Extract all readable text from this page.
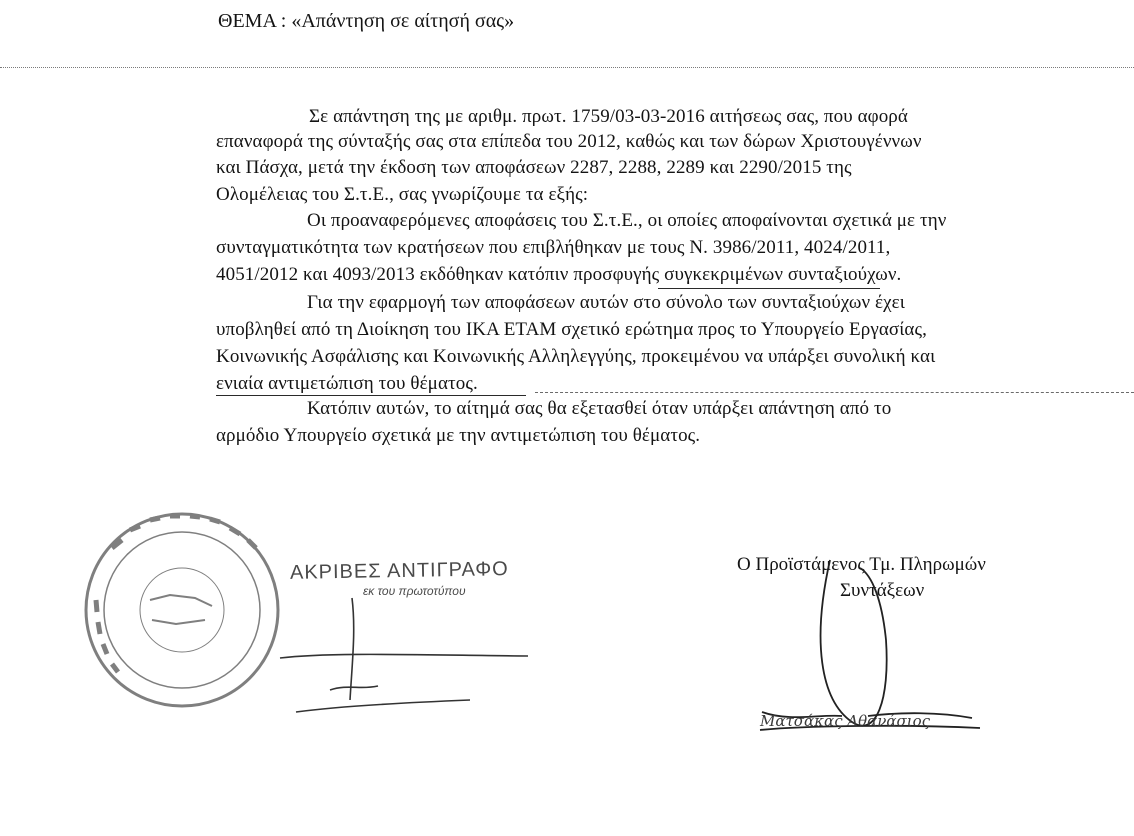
ΘΕΜΑ : «Απάντηση σε αίτησή σας»
Σε απάντηση της με αριθμ. πρωτ. 1759/03-03-2016 αιτήσεως σας, που αφορά
επαναφορά της σύνταξής σας στα επίπεδα του 2012, καθώς και των δώρων Χριστουγέννων
και Πάσχα, μετά την έκδοση των αποφάσεων 2287, 2288, 2289 και 2290/2015 της
Ολομέλειας του Σ.τ.Ε., σας γνωρίζουμε τα εξής:
Οι προαναφερόμενες αποφάσεις του Σ.τ.Ε., οι οποίες αποφαίνονται σχετικά με την
συνταγματικότητα των κρατήσεων που επιβλήθηκαν με τους Ν. 3986/2011, 4024/2011,
4051/2012 και 4093/2013 εκδόθηκαν κατόπιν προσφυγής συγκεκριμένων συνταξιούχων.
Για την εφαρμογή των αποφάσεων αυτών στο σύνολο των συνταξιούχων έχει
υποβληθεί από τη Διοίκηση του ΙΚΑ ΕΤΑΜ σχετικό ερώτημα προς το Υπουργείο Εργασίας,
Κοινωνικής Ασφάλισης και Κοινωνικής Αλληλεγγύης, προκειμένου να υπάρξει συνολική και
ενιαία αντιμετώπιση του θέματος.
Κατόπιν αυτών, το αίτημά σας θα εξετασθεί όταν υπάρξει απάντηση από το
αρμόδιο Υπουργείο σχετικά με την αντιμετώπιση του θέματος.
Ο Προϊστάμενος Τμ. Πληρωμών
Συντάξεων
ΑΚΡΙΒΕΣ ΑΝΤΙΓΡΑΦΟ
εκ του πρωτοτύπου
Ματσάκας Αθανάσιος
